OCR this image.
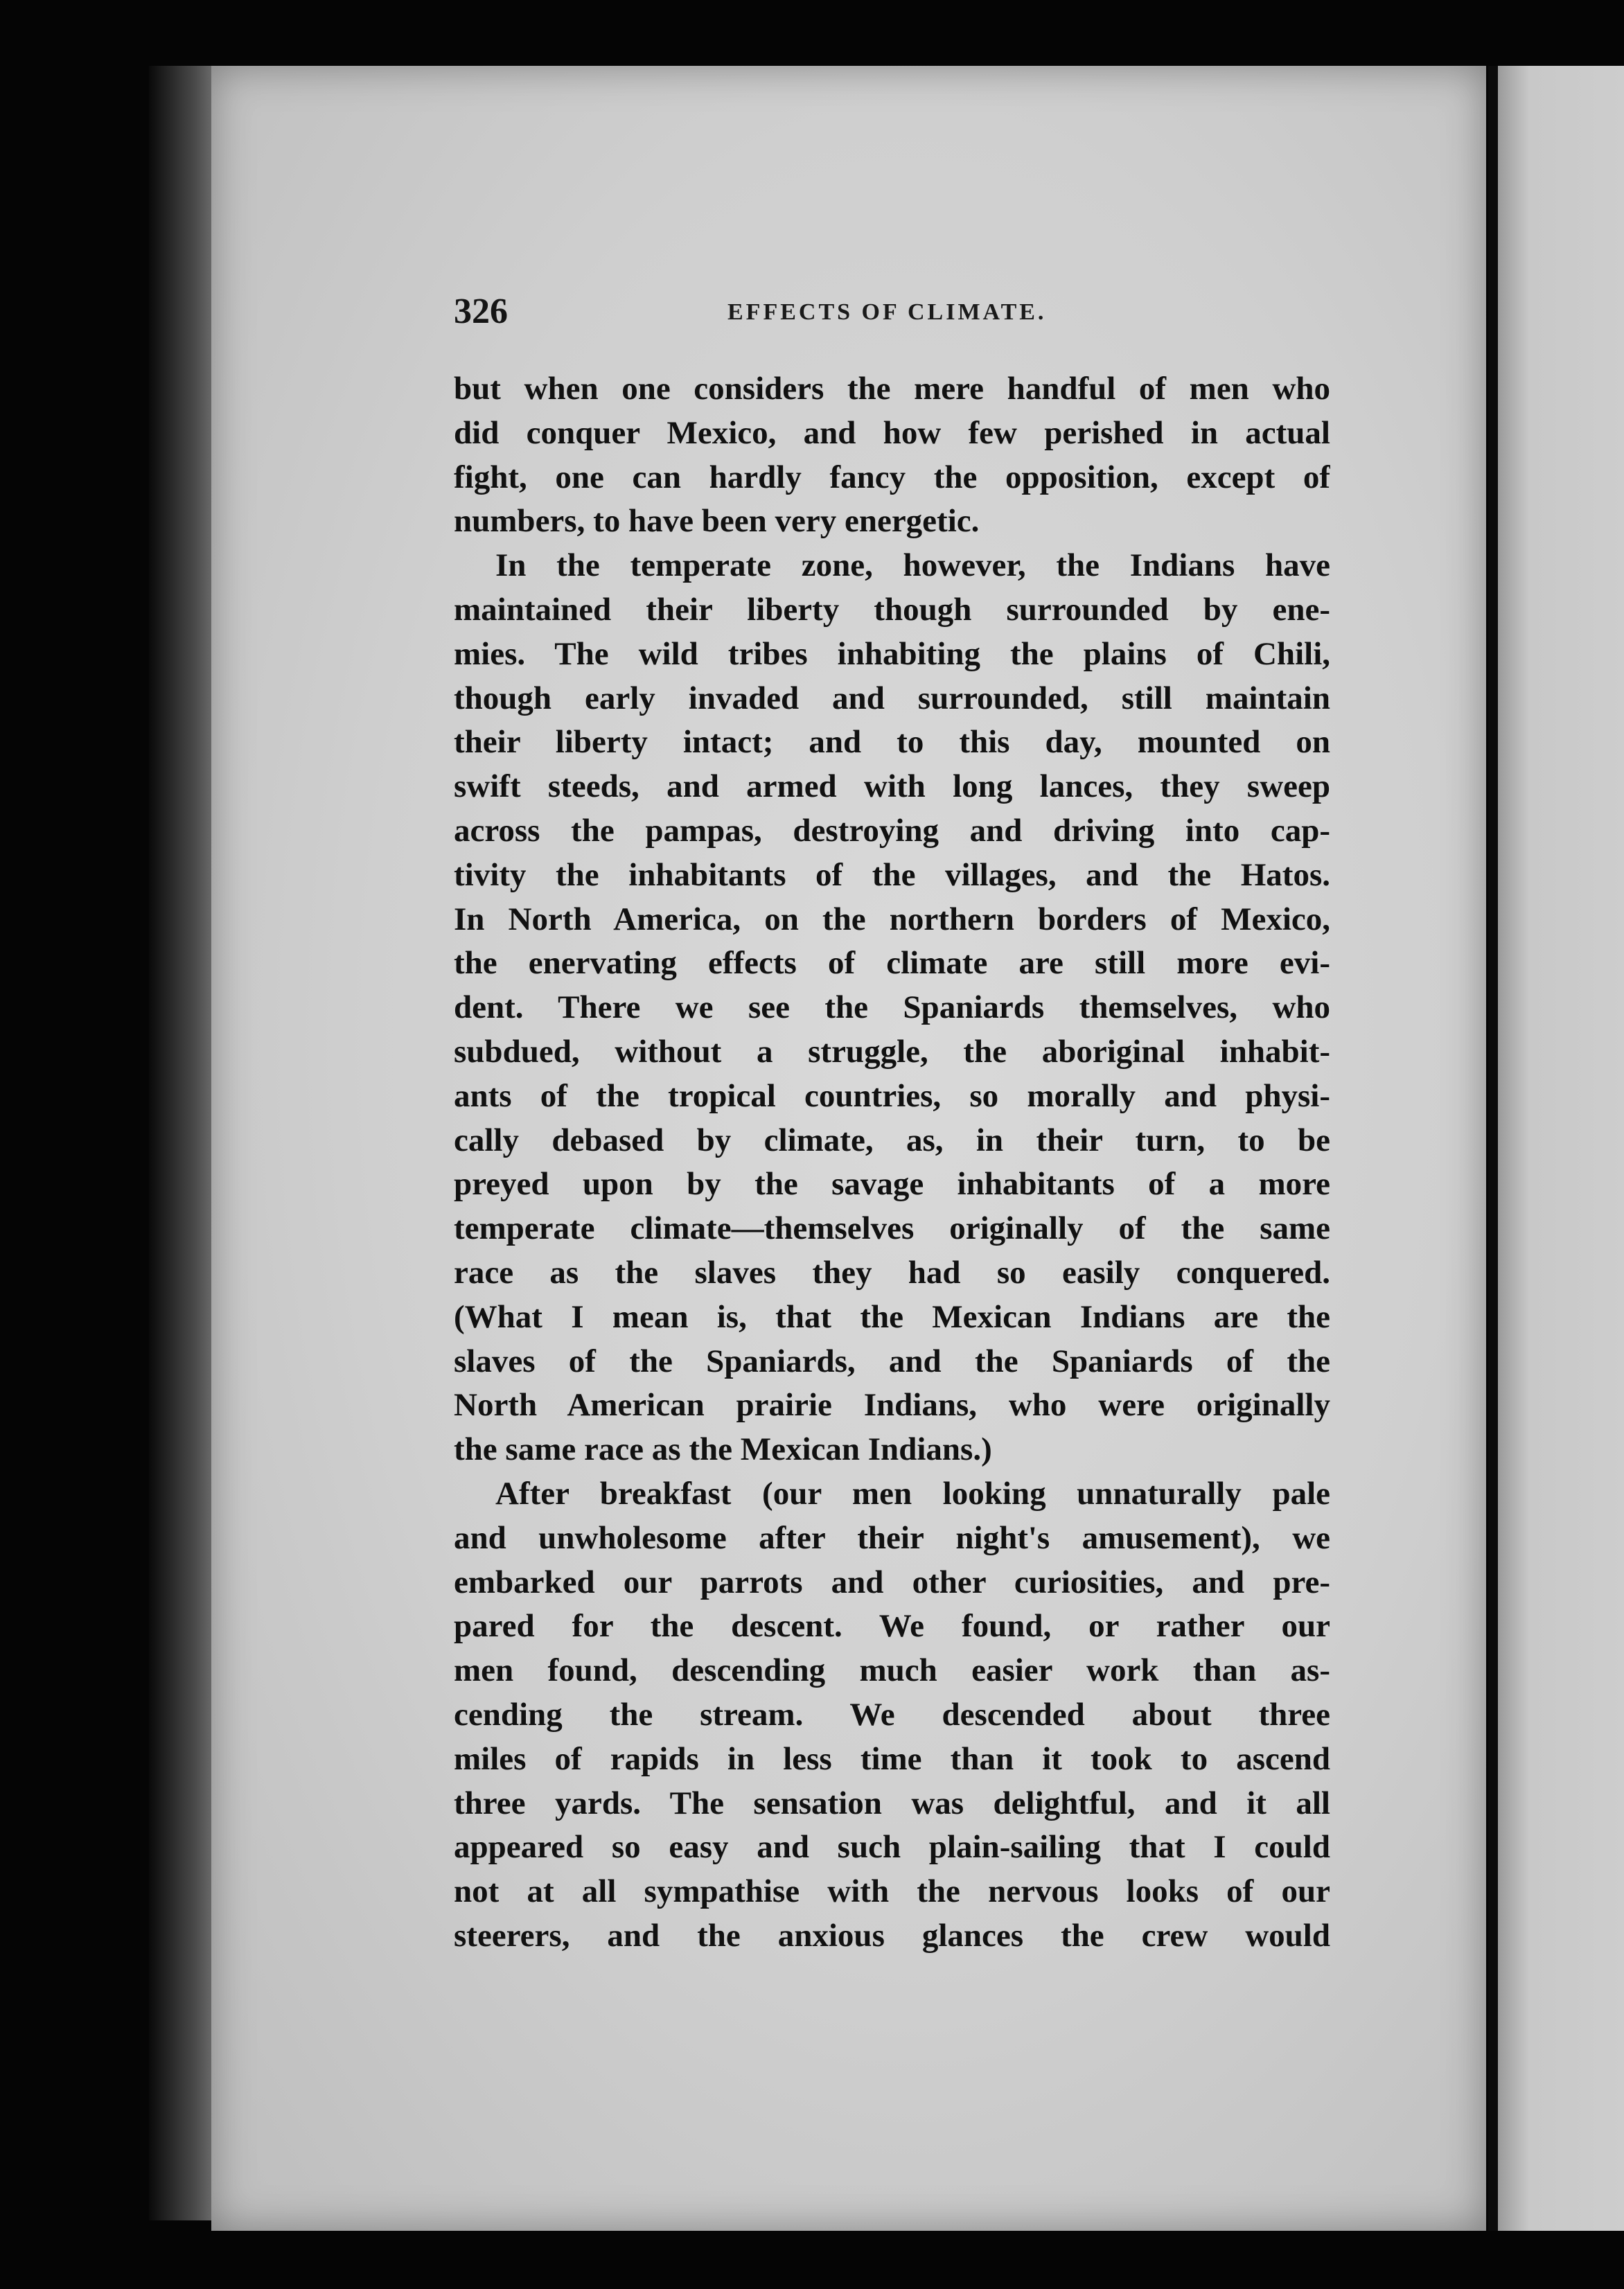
326	EFFECTS OF CLIMATE.
but when one considers the mere handful of men who
did conquer Mexico, and how few perished in actual
fight, one can hardly fancy the opposition, except of
numbers, to have been very energetic.
In the temperate zone, however, the Indians have
maintained their liberty though surrounded by ene-
mies. The wild tribes inhabiting the plains of Chili,
though early invaded and surrounded, still maintain
their liberty intact; and to this day, mounted on
swift steeds, and armed with long lances, they sweep
across the pampas, destroying and driving into cap-
tivity the inhabitants of the villages, and the Hatos.
In North America, on the northern borders of Mexico,
the enervating effects of climate are still more evi-
dent. There we see the Spaniards themselves, who
subdued, without a struggle, the aboriginal inhabit-
ants of the tropical countries, so morally and physi-
cally debased by climate, as, in their turn, to be
preyed upon by the savage inhabitants of a more
temperate climate—themselves originally of the same
race as the slaves they had so easily conquered.
(What I mean is, that the Mexican Indians are the
slaves of the Spaniards, and the Spaniards of the
North American prairie Indians, who were originally
the same race as the Mexican Indians.)
After breakfast (our men looking unnaturally pale
and unwholesome after their night's amusement), we
embarked our parrots and other curiosities, and pre-
pared for the descent. We found, or rather our
men found, descending much easier work than as-
cending the stream. We descended about three
miles of rapids in less time than it took to ascend
three yards. The sensation was delightful, and it all
appeared so easy and such plain-sailing that I could
not at all sympathise with the nervous looks of our
steerers, and the anxious glances the crew would
